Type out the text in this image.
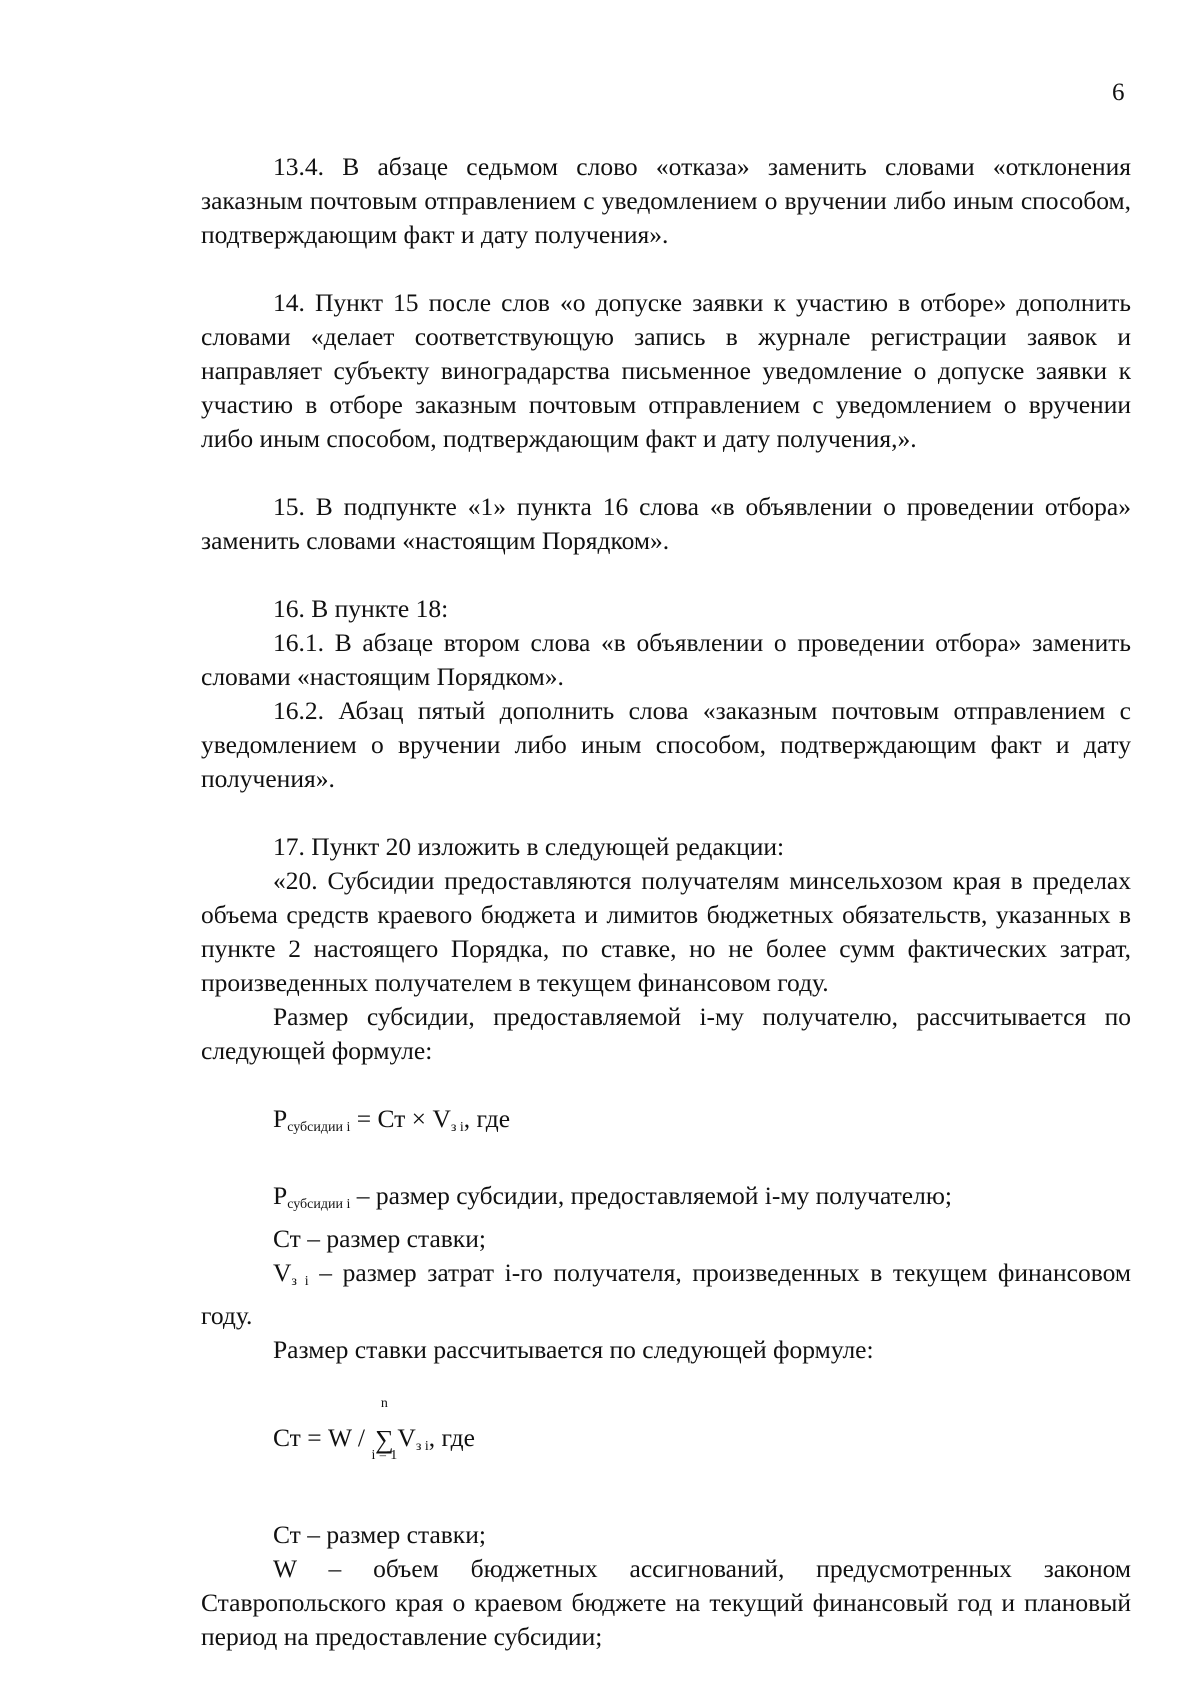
6

13.4. В абзаце седьмом слово «отказа» заменить словами «отклонения заказным почтовым отправлением с уведомлением о вручении либо иным способом, подтверждающим факт и дату получения».

14. Пункт 15 после слов «о допуске заявки к участию в отборе» дополнить словами «делает соответствующую запись в журнале регистрации заявок и направляет субъекту виноградарства письменное уведомление о допуске заявки к участию в отборе заказным почтовым отправлением с уведомлением о вручении либо иным способом, подтверждающим факт и дату получения,».

15. В подпункте «1» пункта 16 слова «в объявлении о проведении отбора» заменить словами «настоящим Порядком».

16. В пункте 18:

16.1. В абзаце втором слова «в объявлении о проведении отбора» заменить словами «настоящим Порядком».

16.2. Абзац пятый дополнить слова «заказным почтовым отправлением с уведомлением о вручении либо иным способом, подтверждающим факт и дату получения».

17. Пункт 20 изложить в следующей редакции:

«20. Субсидии предоставляются получателям минсельхозом края в пределах объема средств краевого бюджета и лимитов бюджетных обязательств, указанных в пункте 2 настоящего Порядка, по ставке, но не более сумм фактических затрат, произведенных получателем в текущем финансовом году.

Размер субсидии, предоставляемой i-му получателю, рассчитывается по следующей формуле:

$Р_{субсидии i}$ = Ст × $V_{з i}$, где

$Р_{субсидии i}$ – размер субсидии, предоставляемой i-му получателю;

Ст – размер ставки;

$V_{з i}$ – размер затрат i-го получателя, произведенных в текущем финансовом году.

Размер ставки рассчитывается по следующей формуле:

Ст = W /
n
∑
i = 1
$V_{з i}$, где

Ст – размер ставки;

W – объем бюджетных ассигнований, предусмотренных законом Ставропольского края о краевом бюджете на текущий финансовый год и плановый период на предоставление субсидии;
